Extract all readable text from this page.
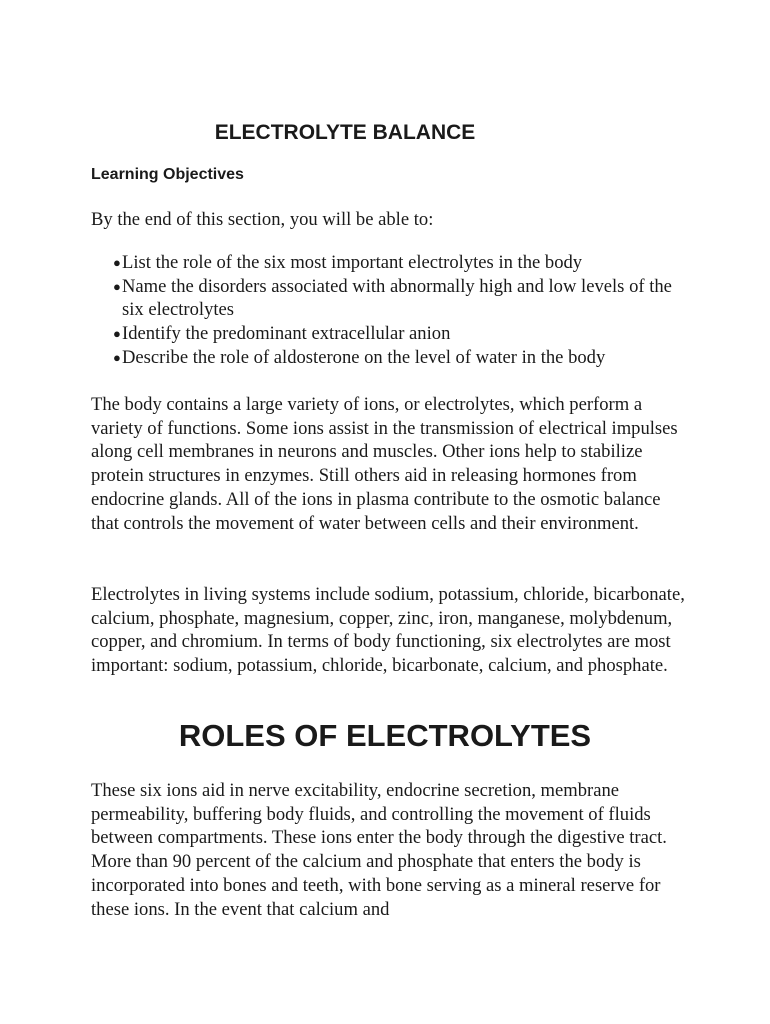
ELECTROLYTE BALANCE
Learning Objectives

By the end of this section, you will be able to:

● List the role of the six most important electrolytes in the body
● Name the disorders associated with abnormally high and low levels of the six electrolytes
● Identify the predominant extracellular anion
● Describe the role of aldosterone on the level of water in the body

The body contains a large variety of ions, or electrolytes, which perform a variety of functions. Some ions assist in the transmission of electrical impulses along cell membranes in neurons and muscles. Other ions help to stabilize protein structures in enzymes. Still others aid in releasing hormones from endocrine glands. All of the ions in plasma contribute to the osmotic balance that controls the movement of water between cells and their environment.

Electrolytes in living systems include sodium, potassium, chloride, bicarbonate, calcium, phosphate, magnesium, copper, zinc, iron, manganese, molybdenum, copper, and chromium. In terms of body functioning, six electrolytes are most important: sodium, potassium, chloride, bicarbonate, calcium, and phosphate.

ROLES OF ELECTROLYTES

These six ions aid in nerve excitability, endocrine secretion, membrane permeability, buffering body fluids, and controlling the movement of fluids between compartments. These ions enter the body through the digestive tract. More than 90 percent of the calcium and phosphate that enters the body is incorporated into bones and teeth, with bone serving as a mineral reserve for these ions. In the event that calcium and
